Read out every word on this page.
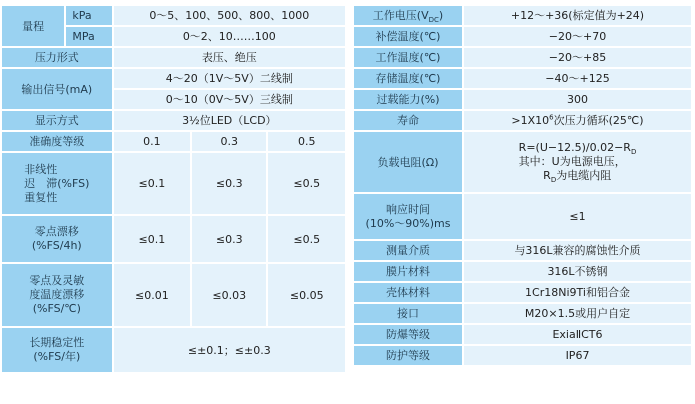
量程	kPa	0～5、100、500、800、1000		
	MPa	0～2、10……100		
压力形式		表压、绝压		
输出信号(mA)		4～20（1V～5V）二线制		
		0～10（0V～5V）三线制		
显示方式		3½位LED（LCD）		
准确度等级		0.1	0.3	0.5
非线性
迟　滞(%FS)
重复性		≤0.1	≤0.3	≤0.5
零点漂移
(%FS/4h)		≤0.1	≤0.3	≤0.5
零点及灵敏
度温度漂移
(%FS/℃)		≤0.01	≤0.03	≤0.05
长期稳定性
(%FS/年)		≤±0.1；≤±0.3		
工作电压$(V_{DC})$	+12～+36(标定值为+24)
补偿温度(℃)	−20～+70
工作温度(℃)	−20～+85
存储温度(℃)	−40～+125
过载能力(%)	300
寿命	$>1X10^6$次压力循环(25℃)
负载电阻(Ω)	$R=(U-12.5)/0.02-R_D$
其中：U为电源电压，
$R_D$为电缆内阻
响应时间
(10%～90%)ms	≤1
测量介质	与316L兼容的腐蚀性介质
膜片材料	316L不锈钢
壳体材料	1Cr18Ni9Ti和铝合金
接口	M20×1.5或用户自定
防爆等级	ExiaⅡCT6
防护等级	IP67
